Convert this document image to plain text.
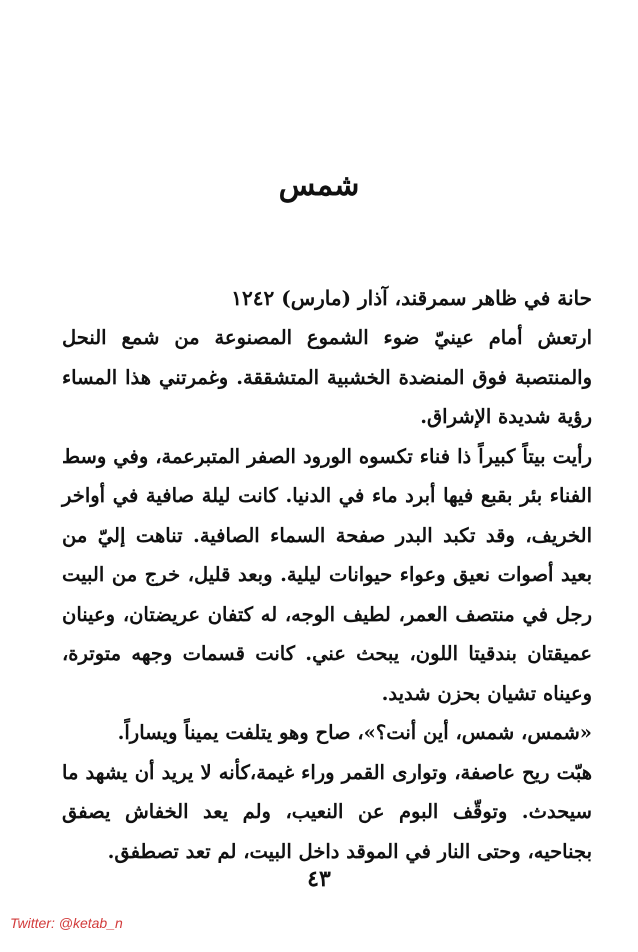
شمس

حانة في ظاهر سمرقند، آذار (مارس) ١٢٤٢

ارتعش أمام عينيّ ضوء الشموع المصنوعة من شمع النحل والمنتصبة فوق المنضدة الخشبية المتشققة. وغمرتني هذا المساء رؤية شديدة الإشراق.

رأيت بيتاً كبيراً ذا فناء تكسوه الورود الصفر المتبرعمة، وفي وسط الفناء بئر بقبع فيها أبرد ماء في الدنيا. كانت ليلة صافية في أواخر الخريف، وقد تكبد البدر صفحة السماء الصافية. تناهت إليّ من بعيد أصوات نعيق وعواء حيوانات ليلية. وبعد قليل، خرج من البيت رجل في منتصف العمر، لطيف الوجه، له كتفان عريضتان، وعينان عميقتان بندقيتا اللون، يبحث عني. كانت قسمات وجهه متوترة، وعيناه تشيان بحزن شديد.

«شمس، شمس، أين أنت؟»، صاح وهو يتلفت يميناً ويساراً.

هبّت ريح عاصفة، وتوارى القمر وراء غيمة،كأنه لا يريد أن يشهد ما سيحدث. وتوقّف البوم عن النعيب، ولم يعد الخفاش يصفق بجناحيه، وحتى النار في الموقد داخل البيت، لم تعد تصطفق.

٤٣
Twitter: @ketab_n
